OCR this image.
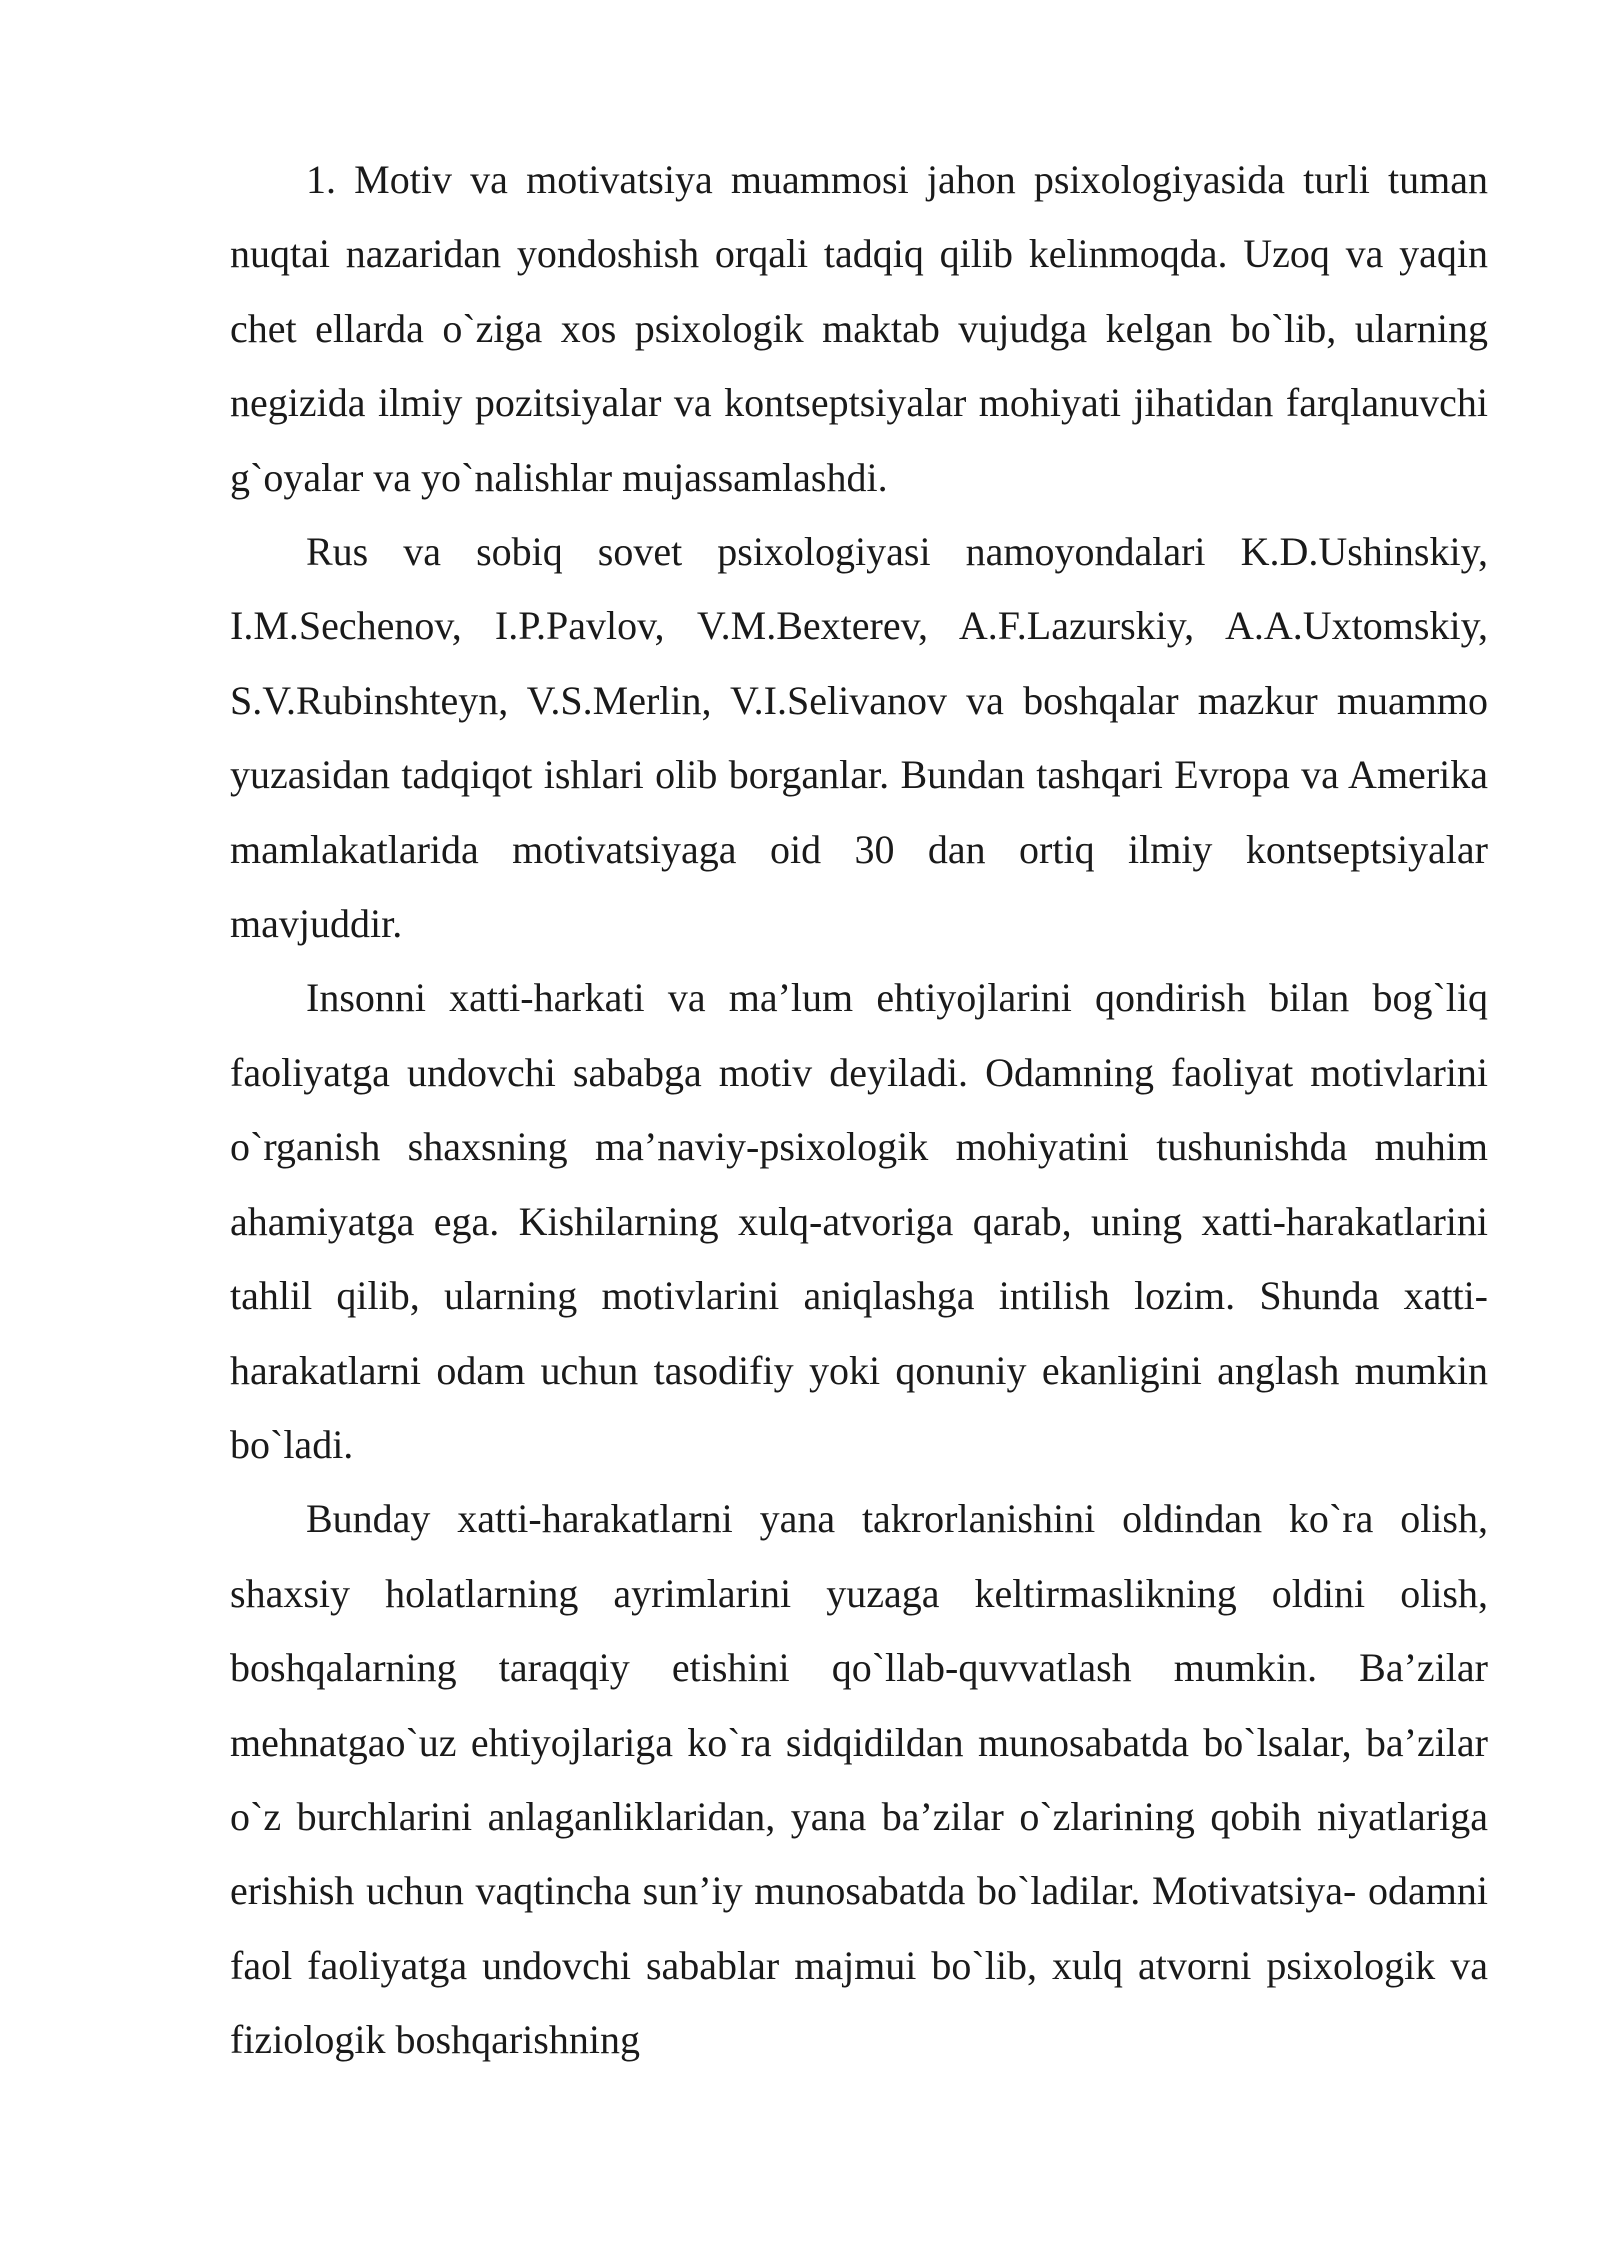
1. Motiv va motivatsiya muammosi jahon psixologiyasida turli tuman nuqtai nazaridan yondoshish orqali tadqiq qilib kelinmoqda. Uzoq va yaqin chet ellarda o`ziga xos psixologik maktab vujudga kelgan bo`lib, ularning negizida ilmiy pozitsiyalar va kontseptsiyalar mohiyati jihatidan farqlanuvchi g`oyalar va yo`nalishlar mujassamlashdi.

Rus va sobiq sovet psixologiyasi namoyondalari K.D.Ushinskiy, I.M.Sechenov, I.P.Pavlov, V.M.Bexterev, A.F.Lazurskiy, A.A.Uxtomskiy, S.V.Rubinshteyn, V.S.Merlin, V.I.Selivanov va boshqalar mazkur muammo yuzasidan tadqiqot ishlari olib borganlar. Bundan tashqari Evropa va Amerika mamlakatlarida motivatsiyaga oid 30 dan ortiq ilmiy kontseptsiyalar mavjuddir.

Insonni xatti-harkati va ma’lum ehtiyojlarini qondirish bilan bog`liq faoliyatga undovchi sababga motiv deyiladi. Odamning faoliyat motivlarini o`rganish shaxsning ma’naviy-psixologik mohiyatini tushunishda muhim ahamiyatga ega. Kishilarning xulq-atvoriga qarab, uning xatti-harakatlarini tahlil qilib, ularning motivlarini aniqlashga intilish lozim. Shunda xatti-harakatlarni odam uchun tasodifiy yoki qonuniy ekanligini anglash mumkin bo`ladi.

Bunday xatti-harakatlarni yana takrorlanishini oldindan ko`ra olish, shaxsiy holatlarning ayrimlarini yuzaga keltirmaslikning oldini olish, boshqalarning taraqqiy etishini qo`llab-quvvatlash mumkin. Ba’zilar mehnatgao`uz ehtiyojlariga ko`ra sidqidildan munosabatda bo`lsalar, ba’zilar o`z burchlarini anlaganliklaridan, yana ba’zilar o`zlarining qobih niyatlariga erishish uchun vaqtincha sun’iy munosabatda bo`ladilar. Motivatsiya- odamni faol faoliyatga undovchi sabablar majmui bo`lib, xulq atvorni psixologik va fiziologik boshqarishning
